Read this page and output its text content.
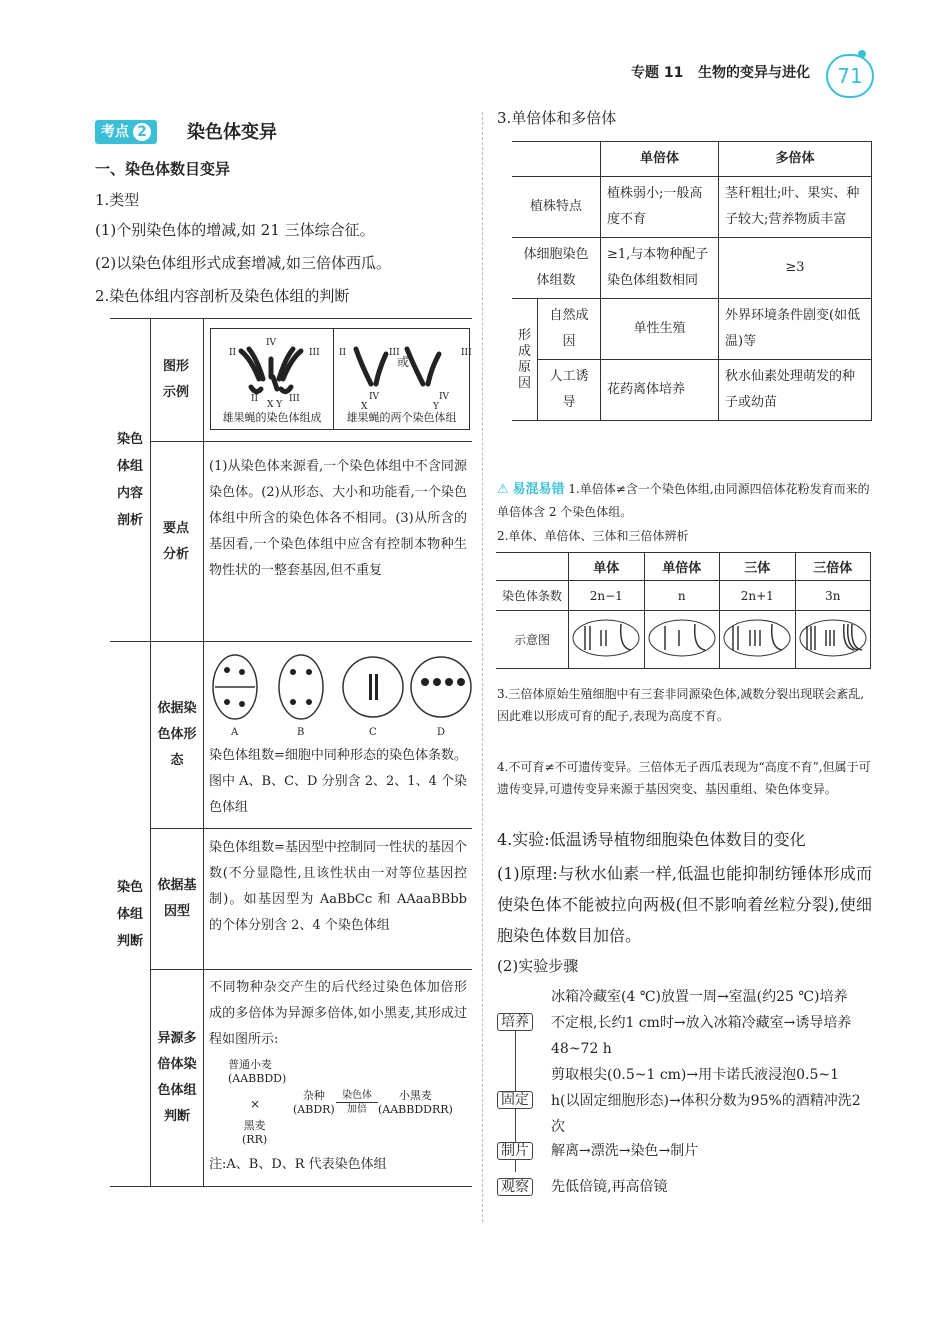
专题 11 生物的变异与进化	71
考点 2	染色体变异
一、染色体数目变异
1.类型
(1)个别染色体的增减,如 21 三体综合征。
(2)以染色体组形式成套增减,如三倍体西瓜。
2.染色体组内容剖析及染色体组的判断
染色体组内容剖析
图形示例
IV
II	III
II	III
X Y
II	III
IV
X
III
IV
Y
或
雄果蝇的染色体组成	雄果蝇的两个染色体组
要点分析
(1)从染色体来源看,一个染色体组中不含同源染色体。(2)从形态、大小和功能看,一个染色体组中所含的染色体各不相同。(3)从所含的基因看,一个染色体组中应含有控制本物种生物性状的一整套基因,但不重复
染色体组判断
依据染色体形态
A	B	C	D
染色体组数=细胞中同种形态的染色体条数。图中 A、B、C、D 分别含 2、2、1、4 个染色体组
依据基因型
染色体组数=基因型中控制同一性状的基因个数(不分显隐性,且该性状由一对等位基因控制)。如基因型为 AaBbCc 和 AAaaBBbb 的个体分别含 2、4 个染色体组
异源多倍体染色体组判断
不同物种杂交产生的后代经过染色体加倍形成的多倍体为异源多倍体,如小黑麦,其形成过程如图所示:
普通小麦
(AABBDD)
×
黑麦
(RR)
杂种
(ABDR)
染色体
加倍
小黑麦
(AABBDDRR)
注:A、B、D、R 代表染色体组
3.单倍体和多倍体
		单倍体	多倍体
植株特点		植株弱小;一般高度不育	茎秆粗壮;叶、果实、种子较大;营养物质丰富
体细胞染色体组数		≥1,与本物种配子染色体组数相同	≥3
形成原因	自然成因	单性生殖	外界环境条件剧变(如低温)等
	人工诱导	花药离体培养	秋水仙素处理萌发的种子或幼苗
⚠ 易混易错 1.单倍体≠含一个染色体组,由同源四倍体花粉发育而来的单倍体含 2 个染色体组。
2.单体、单倍体、三体和三倍体辨析
	单体	单倍体	三体	三倍体
染色体条数	2n−1	n	2n+1	3n
示意图				
3.三倍体原始生殖细胞中有三套非同源染色体,减数分裂出现联会紊乱,因此难以形成可育的配子,表现为高度不育。
4.不可育≠不可遗传变异。三倍体无子西瓜表现为“高度不育”,但属于可遗传变异,可遗传变异来源于基因突变、基因重组、染色体变异。
4.实验:低温诱导植物细胞染色体数目的变化
(1)原理:与秋水仙素一样,低温也能抑制纺锤体形成而使染色体不能被拉向两极(但不影响着丝粒分裂),使细胞染色体数目加倍。
(2)实验步骤
培养
冰箱冷藏室(4 ℃)放置一周→室温(约25 ℃)培养不定根,长约1 cm时→放入冰箱冷藏室→诱导培养48~72 h
固定
剪取根尖(0.5~1 cm)→用卡诺氏液浸泡0.5~1 h(以固定细胞形态)→体积分数为95%的酒精冲洗2次
制片 解离→漂洗→染色→制片
观察 先低倍镜,再高倍镜
